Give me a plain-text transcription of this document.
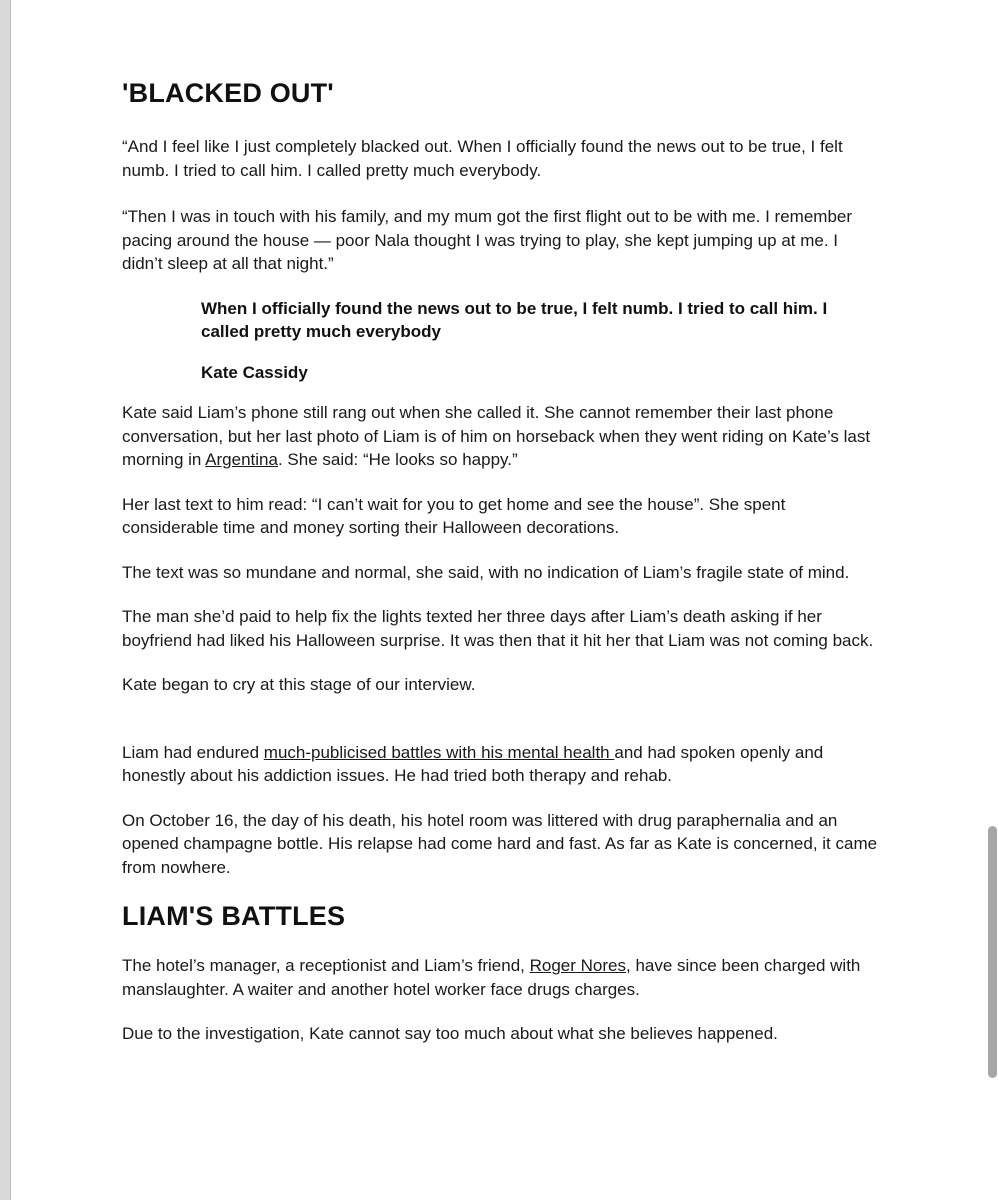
'BLACKED OUT'

“And I feel like I just completely blacked out. When I officially found the news out to be true, I felt numb. I tried to call him. I called pretty much everybody.

“Then I was in touch with his family, and my mum got the first flight out to be with me. I remember pacing around the house — poor Nala thought I was trying to play, she kept jumping up at me. I didn’t sleep at all that night.”

When I officially found the news out to be true, I felt numb. I tried to call him. I called pretty much everybody

Kate Cassidy

Kate said Liam’s phone still rang out when she called it. She cannot remember their last phone conversation, but her last photo of Liam is of him on horseback when they went riding on Kate’s last morning in Argentina. She said: “He looks so happy.”

Her last text to him read: “I can’t wait for you to get home and see the house”. She spent considerable time and money sorting their Halloween decorations.

The text was so mundane and normal, she said, with no indication of Liam’s fragile state of mind.

The man she’d paid to help fix the lights texted her three days after Liam’s death asking if her boyfriend had liked his Halloween surprise. It was then that it hit her that Liam was not coming back.

Kate began to cry at this stage of our interview.

Liam had endured much-publicised battles with his mental health and had spoken openly and honestly about his addiction issues. He had tried both therapy and rehab.

On October 16, the day of his death, his hotel room was littered with drug paraphernalia and an opened champagne bottle. His relapse had come hard and fast. As far as Kate is concerned, it came from nowhere.

LIAM'S BATTLES

The hotel’s manager, a receptionist and Liam’s friend, Roger Nores, have since been charged with manslaughter. A waiter and another hotel worker face drugs charges.

Due to the investigation, Kate cannot say too much about what she believes happened.
